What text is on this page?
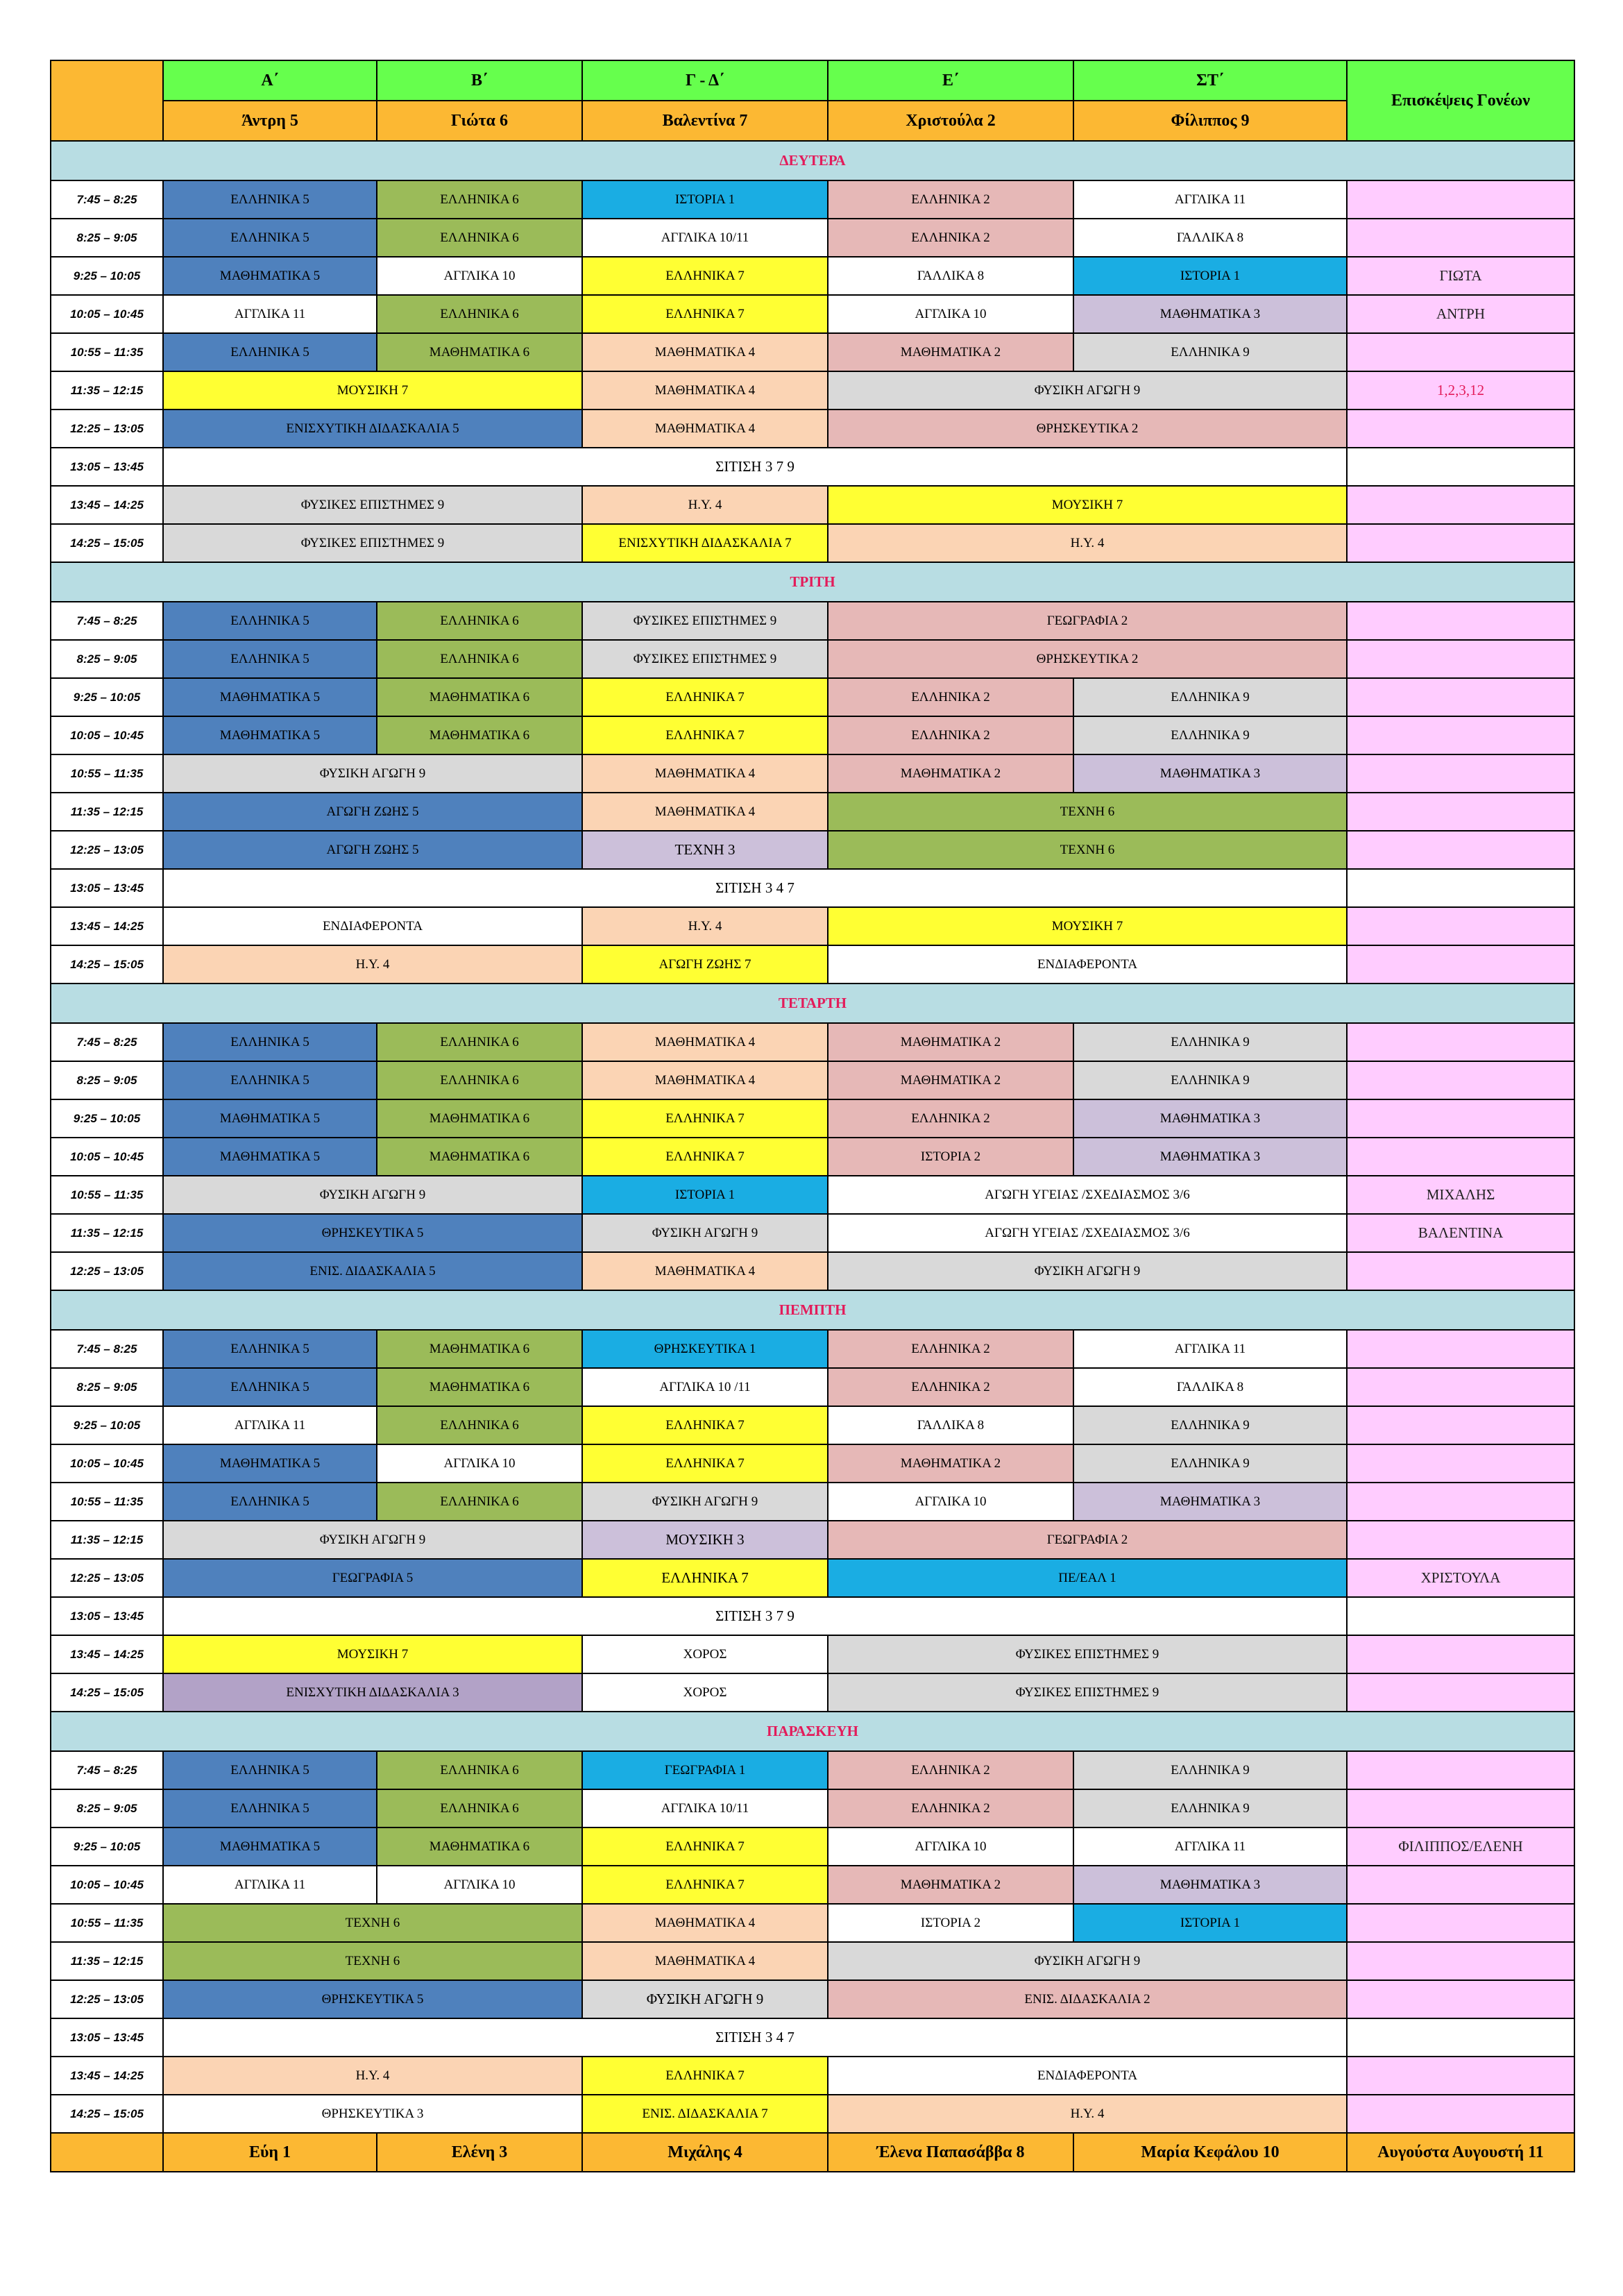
	Α΄	Β΄	Γ - Δ΄	Ε΄	ΣΤ΄	Επισκέψεις Γονέων
	Άντρη 5	Γιώτα 6	Βαλεντίνα 7	Χριστούλα 2	Φίλιππος 9	
ΔΕΥΤΕΡΑ						
7:45 – 8:25	ΕΛΛΗΝΙΚΑ 5	ΕΛΛΗΝΙΚΑ 6	ΙΣΤΟΡΙΑ 1	ΕΛΛΗΝΙΚΑ 2	ΑΓΓΛΙΚΑ 11	
8:25 – 9:05	ΕΛΛΗΝΙΚΑ 5	ΕΛΛΗΝΙΚΑ 6	ΑΓΓΛΙΚΑ 10/11	ΕΛΛΗΝΙΚΑ 2	ΓΑΛΛΙΚΑ 8	
9:25 – 10:05	ΜΑΘΗΜΑΤΙΚΑ 5	ΑΓΓΛΙΚΑ 10	ΕΛΛΗΝΙΚΑ 7	ΓΑΛΛΙΚΑ 8	ΙΣΤΟΡΙΑ 1	ΓΙΩΤΑ
10:05 – 10:45	ΑΓΓΛΙΚΑ 11	ΕΛΛΗΝΙΚΑ 6	ΕΛΛΗΝΙΚΑ 7	ΑΓΓΛΙΚΑ 10	ΜΑΘΗΜΑΤΙΚΑ 3	ΑΝΤΡΗ
10:55 – 11:35	ΕΛΛΗΝΙΚΑ 5	ΜΑΘΗΜΑΤΙΚΑ 6	ΜΑΘΗΜΑΤΙΚΑ 4	ΜΑΘΗΜΑΤΙΚΑ 2	ΕΛΛΗΝΙΚΑ 9	
11:35 – 12:15	ΜΟΥΣΙΚΗ 7		ΜΑΘΗΜΑΤΙΚΑ 4	ΦΥΣΙΚΗ ΑΓΩΓΗ 9		1,2,3,12
12:25 – 13:05	ΕΝΙΣΧΥΤΙΚΗ ΔΙΔΑΣΚΑΛΙΑ 5		ΜΑΘΗΜΑΤΙΚΑ 4	ΘΡΗΣΚΕΥΤΙΚΑ 2		
13:05 – 13:45	ΣΙΤΙΣΗ 3 7 9					
13:45 – 14:25	ΦΥΣΙΚΕΣ ΕΠΙΣΤΗΜΕΣ 9		Η.Υ. 4	ΜΟΥΣΙΚΗ 7		
14:25 – 15:05	ΦΥΣΙΚΕΣ ΕΠΙΣΤΗΜΕΣ 9		ΕΝΙΣΧΥΤΙΚΗ ΔΙΔΑΣΚΑΛΙΑ 7	Η.Υ. 4		
ΤΡΙΤΗ						
7:45 – 8:25	ΕΛΛΗΝΙΚΑ 5	ΕΛΛΗΝΙΚΑ 6	ΦΥΣΙΚΕΣ ΕΠΙΣΤΗΜΕΣ 9	ΓΕΩΓΡΑΦΙΑ 2		
8:25 – 9:05	ΕΛΛΗΝΙΚΑ 5	ΕΛΛΗΝΙΚΑ 6	ΦΥΣΙΚΕΣ ΕΠΙΣΤΗΜΕΣ 9	ΘΡΗΣΚΕΥΤΙΚΑ 2		
9:25 – 10:05	ΜΑΘΗΜΑΤΙΚΑ 5	ΜΑΘΗΜΑΤΙΚΑ 6	ΕΛΛΗΝΙΚΑ 7	ΕΛΛΗΝΙΚΑ 2	ΕΛΛΗΝΙΚΑ 9	
10:05 – 10:45	ΜΑΘΗΜΑΤΙΚΑ 5	ΜΑΘΗΜΑΤΙΚΑ 6	ΕΛΛΗΝΙΚΑ 7	ΕΛΛΗΝΙΚΑ 2	ΕΛΛΗΝΙΚΑ 9	
10:55 – 11:35	ΦΥΣΙΚΗ ΑΓΩΓΗ 9		ΜΑΘΗΜΑΤΙΚΑ 4	ΜΑΘΗΜΑΤΙΚΑ 2	ΜΑΘΗΜΑΤΙΚΑ 3	
11:35 – 12:15	ΑΓΩΓΗ ΖΩΗΣ 5		ΜΑΘΗΜΑΤΙΚΑ 4	ΤΕΧΝΗ 6		
12:25 – 13:05	ΑΓΩΓΗ ΖΩΗΣ 5		ΤΕΧΝΗ 3	ΤΕΧΝΗ 6		
13:05 – 13:45	ΣΙΤΙΣΗ 3 4 7					
13:45 – 14:25	ΕΝΔΙΑΦΕΡΟΝΤΑ		Η.Υ. 4	ΜΟΥΣΙΚΗ 7		
14:25 – 15:05	Η.Υ. 4		ΑΓΩΓΗ ΖΩΗΣ 7	ΕΝΔΙΑΦΕΡΟΝΤΑ		
ΤΕΤΑΡΤΗ						
7:45 – 8:25	ΕΛΛΗΝΙΚΑ 5	ΕΛΛΗΝΙΚΑ 6	ΜΑΘΗΜΑΤΙΚΑ 4	ΜΑΘΗΜΑΤΙΚΑ 2	ΕΛΛΗΝΙΚΑ 9	
8:25 – 9:05	ΕΛΛΗΝΙΚΑ 5	ΕΛΛΗΝΙΚΑ 6	ΜΑΘΗΜΑΤΙΚΑ 4	ΜΑΘΗΜΑΤΙΚΑ 2	ΕΛΛΗΝΙΚΑ 9	
9:25 – 10:05	ΜΑΘΗΜΑΤΙΚΑ 5	ΜΑΘΗΜΑΤΙΚΑ 6	ΕΛΛΗΝΙΚΑ 7	ΕΛΛΗΝΙΚΑ 2	ΜΑΘΗΜΑΤΙΚΑ 3	
10:05 – 10:45	ΜΑΘΗΜΑΤΙΚΑ 5	ΜΑΘΗΜΑΤΙΚΑ 6	ΕΛΛΗΝΙΚΑ 7	ΙΣΤΟΡΙΑ 2	ΜΑΘΗΜΑΤΙΚΑ 3	
10:55 – 11:35	ΦΥΣΙΚΗ ΑΓΩΓΗ 9		ΙΣΤΟΡΙΑ 1	ΑΓΩΓΗ ΥΓΕΙΑΣ /ΣΧΕΔΙΑΣΜΟΣ 3/6		ΜΙΧΑΛΗΣ
11:35 – 12:15	ΘΡΗΣΚΕΥΤΙΚΑ 5		ΦΥΣΙΚΗ ΑΓΩΓΗ 9	ΑΓΩΓΗ ΥΓΕΙΑΣ /ΣΧΕΔΙΑΣΜΟΣ 3/6		ΒΑΛΕΝΤΙΝΑ
12:25 – 13:05	ΕΝΙΣ. ΔΙΔΑΣΚΑΛΙΑ 5		ΜΑΘΗΜΑΤΙΚΑ 4	ΦΥΣΙΚΗ ΑΓΩΓΗ 9		
ΠΕΜΠΤΗ						
7:45 – 8:25	ΕΛΛΗΝΙΚΑ 5	ΜΑΘΗΜΑΤΙΚΑ 6	ΘΡΗΣΚΕΥΤΙΚΑ 1	ΕΛΛΗΝΙΚΑ 2	ΑΓΓΛΙΚΑ 11	
8:25 – 9:05	ΕΛΛΗΝΙΚΑ 5	ΜΑΘΗΜΑΤΙΚΑ 6	ΑΓΓΛΙΚΑ 10 /11	ΕΛΛΗΝΙΚΑ 2	ΓΑΛΛΙΚΑ 8	
9:25 – 10:05	ΑΓΓΛΙΚΑ 11	ΕΛΛΗΝΙΚΑ 6	ΕΛΛΗΝΙΚΑ 7	ΓΑΛΛΙΚΑ 8	ΕΛΛΗΝΙΚΑ 9	
10:05 – 10:45	ΜΑΘΗΜΑΤΙΚΑ 5	ΑΓΓΛΙΚΑ 10	ΕΛΛΗΝΙΚΑ 7	ΜΑΘΗΜΑΤΙΚΑ 2	ΕΛΛΗΝΙΚΑ 9	
10:55 – 11:35	ΕΛΛΗΝΙΚΑ 5	ΕΛΛΗΝΙΚΑ 6	ΦΥΣΙΚΗ ΑΓΩΓΗ 9	ΑΓΓΛΙΚΑ 10	ΜΑΘΗΜΑΤΙΚΑ 3	
11:35 – 12:15	ΦΥΣΙΚΗ ΑΓΩΓΗ 9		ΜΟΥΣΙΚΗ 3	ΓΕΩΓΡΑΦΙΑ 2		
12:25 – 13:05	ΓΕΩΓΡΑΦΙΑ 5		ΕΛΛΗΝΙΚΑ 7	ΠΕ/ΕΑΛ 1		ΧΡΙΣΤΟΥΛΑ
13:05 – 13:45	ΣΙΤΙΣΗ 3 7 9					
13:45 – 14:25	ΜΟΥΣΙΚΗ 7		ΧΟΡΟΣ	ΦΥΣΙΚΕΣ ΕΠΙΣΤΗΜΕΣ 9		
14:25 – 15:05	ΕΝΙΣΧΥΤΙΚΗ ΔΙΔΑΣΚΑΛΙΑ 3		ΧΟΡΟΣ	ΦΥΣΙΚΕΣ ΕΠΙΣΤΗΜΕΣ 9		
ΠΑΡΑΣΚΕΥΗ						
7:45 – 8:25	ΕΛΛΗΝΙΚΑ 5	ΕΛΛΗΝΙΚΑ 6	ΓΕΩΓΡΑΦΙΑ 1	ΕΛΛΗΝΙΚΑ 2	ΕΛΛΗΝΙΚΑ 9	
8:25 – 9:05	ΕΛΛΗΝΙΚΑ 5	ΕΛΛΗΝΙΚΑ 6	ΑΓΓΛΙΚΑ 10/11	ΕΛΛΗΝΙΚΑ 2	ΕΛΛΗΝΙΚΑ 9	
9:25 – 10:05	ΜΑΘΗΜΑΤΙΚΑ 5	ΜΑΘΗΜΑΤΙΚΑ 6	ΕΛΛΗΝΙΚΑ 7	ΑΓΓΛΙΚΑ 10	ΑΓΓΛΙΚΑ 11	ΦΙΛΙΠΠΟΣ/ΕΛΕΝΗ
10:05 – 10:45	ΑΓΓΛΙΚΑ 11	ΑΓΓΛΙΚΑ 10	ΕΛΛΗΝΙΚΑ 7	ΜΑΘΗΜΑΤΙΚΑ 2	ΜΑΘΗΜΑΤΙΚΑ 3	
10:55 – 11:35	ΤΕΧΝΗ 6		ΜΑΘΗΜΑΤΙΚΑ 4	ΙΣΤΟΡΙΑ 2	ΙΣΤΟΡΙΑ 1	
11:35 – 12:15	ΤΕΧΝΗ 6		ΜΑΘΗΜΑΤΙΚΑ 4	ΦΥΣΙΚΗ ΑΓΩΓΗ 9		
12:25 – 13:05	ΘΡΗΣΚΕΥΤΙΚΑ 5		ΦΥΣΙΚΗ ΑΓΩΓΗ 9	ΕΝΙΣ. ΔΙΔΑΣΚΑΛΙΑ 2		
13:05 – 13:45	ΣΙΤΙΣΗ 3 4 7					
13:45 – 14:25	Η.Υ. 4		ΕΛΛΗΝΙΚΑ 7	ΕΝΔΙΑΦΕΡΟΝΤΑ		
14:25 – 15:05	ΘΡΗΣΚΕΥΤΙΚΑ 3		ΕΝΙΣ. ΔΙΔΑΣΚΑΛΙΑ 7	Η.Υ. 4		
	Εύη 1	Ελένη 3	Μιχάλης 4	Έλενα Παπασάββα 8	Μαρία Κεφάλου 10	Αυγούστα Αυγουστή 11
